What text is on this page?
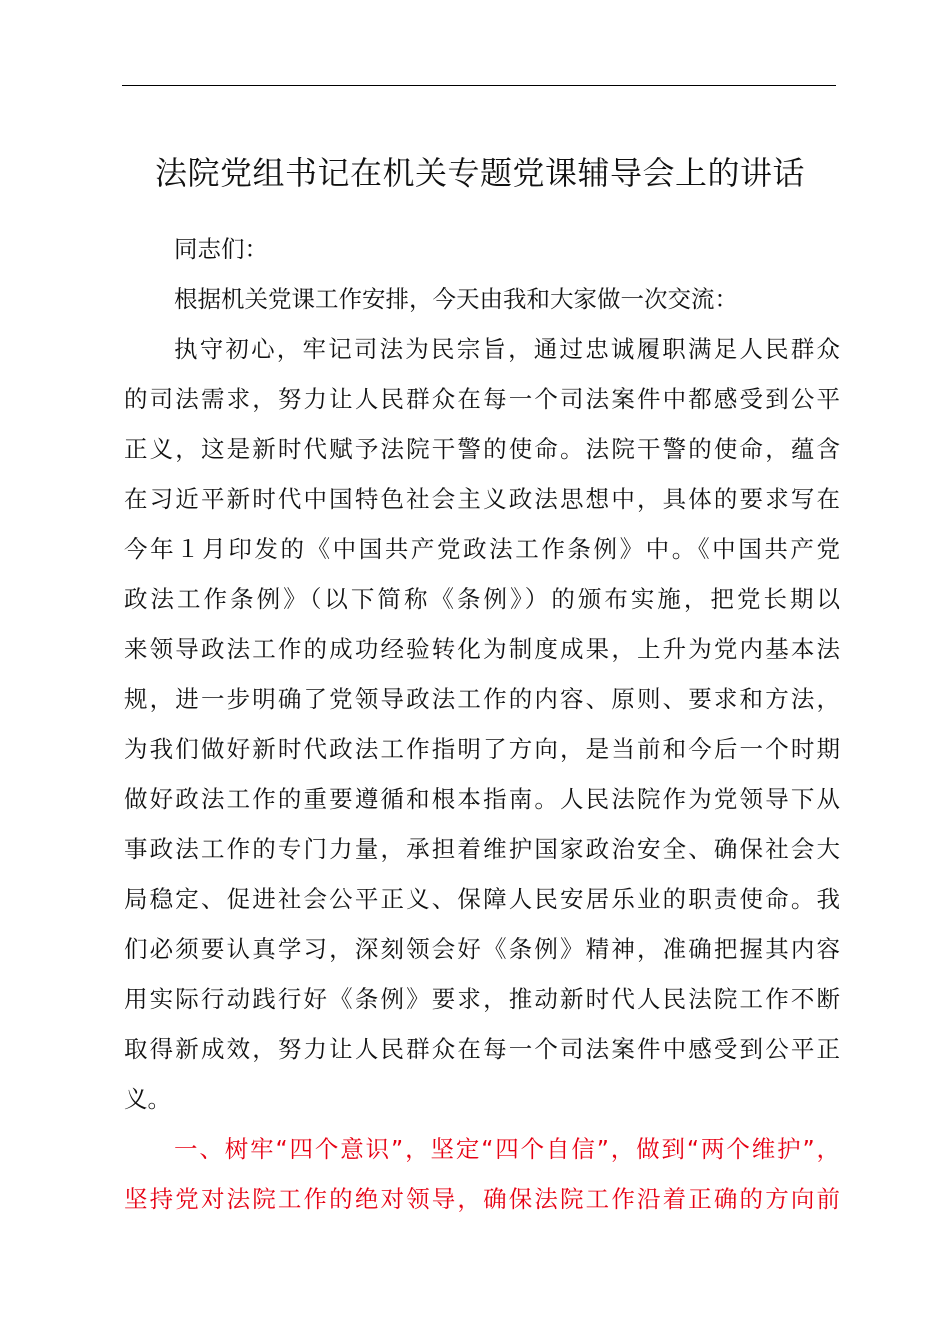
法院党组书记在机关专题党课辅导会上的讲话
同志们：
根据机关党课工作安排，今天由我和大家做一次交流：
执守初心，牢记司法为民宗旨，通过忠诚履职满足人民群众
的司法需求，努力让人民群众在每一个司法案件中都感受到公平
正义，这是新时代赋予法院干警的使命。法院干警的使命，蕴含
在习近平新时代中国特色社会主义政法思想中，具体的要求写在
今年１月印发的《中国共产党政法工作条例》中。《中国共产党
政法工作条例》（以下简称《条例》）的颁布实施，把党长期以
来领导政法工作的成功经验转化为制度成果，上升为党内基本法
规，进一步明确了党领导政法工作的内容、原则、要求和方法，
为我们做好新时代政法工作指明了方向，是当前和今后一个时期
做好政法工作的重要遵循和根本指南。人民法院作为党领导下从
事政法工作的专门力量，承担着维护国家政治安全、确保社会大
局稳定、促进社会公平正义、保障人民安居乐业的职责使命。我
们必须要认真学习，深刻领会好《条例》精神，准确把握其内容
用实际行动践行好《条例》要求，推动新时代人民法院工作不断
取得新成效，努力让人民群众在每一个司法案件中感受到公平正
义。
一、树牢“四个意识”，坚定“四个自信”，做到“两个维护”，
坚持党对法院工作的绝对领导，确保法院工作沿着正确的方向前
